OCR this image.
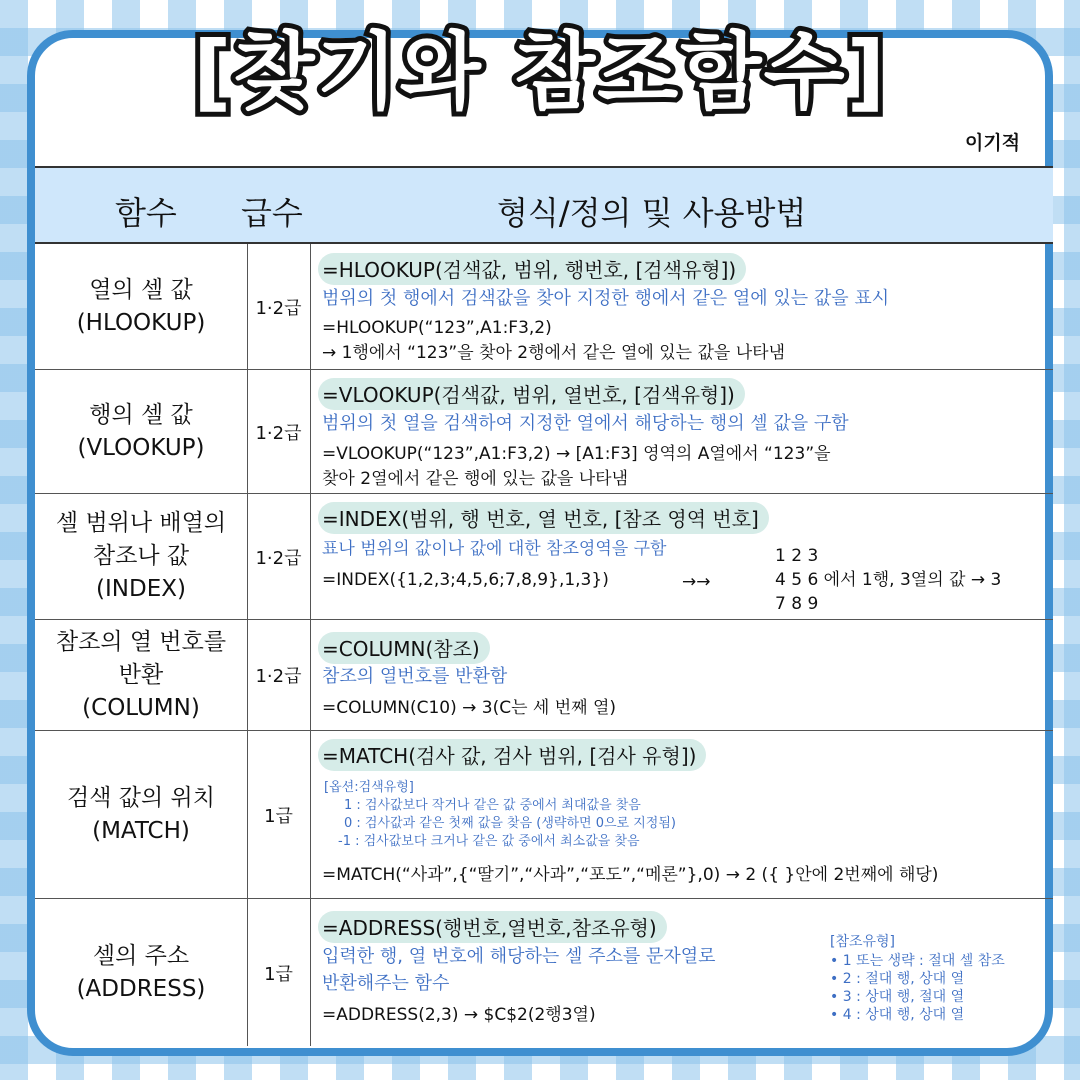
[찾기와 참조함수]
이기적
함수 급수	형식/정의 및 사용방법
열의 셀 값
(HLOOKUP)
1·2급
=HLOOKUP(검색값, 범위, 행번호, [검색유형])
범위의 첫 행에서 검색값을 찾아 지정한 행에서 같은 열에 있는 값을 표시
=HLOOKUP(“123”,A1:F3,2)
→ 1행에서 “123”을 찾아 2행에서 같은 열에 있는 값을 나타냄
행의 셀 값
(VLOOKUP)
1·2급
=VLOOKUP(검색값, 범위, 열번호, [검색유형])
범위의 첫 열을 검색하여 지정한 열에서 해당하는 행의 셀 값을 구함
=VLOOKUP(“123”,A1:F3,2) → [A1:F3] 영역의 A열에서 “123”을
찾아 2열에서 같은 행에 있는 값을 나타냄
셀 범위나 배열의
참조나 값
(INDEX)
1·2급
=INDEX(범위, 행 번호, 열 번호, [참조 영역 번호]
표나 범위의 값이나 값에 대한 참조영역을 구함
=INDEX({1,2,3;4,5,6;7,8,9},1,3})	→→
1 2 3
4 5 6 에서 1행, 3열의 값 → 3
7 8 9
참조의 열 번호를
반환
(COLUMN)
1·2급
=COLUMN(참조)
참조의 열번호를 반환함
=COLUMN(C10) → 3(C는 세 번째 열)
검색 값의 위치
(MATCH)
1급
=MATCH(검사 값, 검사 범위, [검사 유형])
[옵션:검색유형]
1 : 검사값보다 작거나 같은 값 중에서 최대값을 찾음
0 : 검사값과 같은 첫째 값을 찾음 (생략하면 0으로 지정됨)
-1 : 검사값보다 크거나 같은 값 중에서 최소값을 찾음
=MATCH(“사과”,{“딸기”,“사과”,“포도”,“메론”},0) → 2 ({ }안에 2번째에 해당)
셀의 주소
(ADDRESS)
1급
=ADDRESS(행번호,열번호,참조유형)
입력한 행, 열 번호에 해당하는 셀 주소를 문자열로
반환해주는 함수
=ADDRESS(2,3) → $C$2(2행3열)
[참조유형]
• 1 또는 생략 : 절대 셀 참조
• 2 : 절대 행, 상대 열
• 3 : 상대 행, 절대 열
• 4 : 상대 행, 상대 열
